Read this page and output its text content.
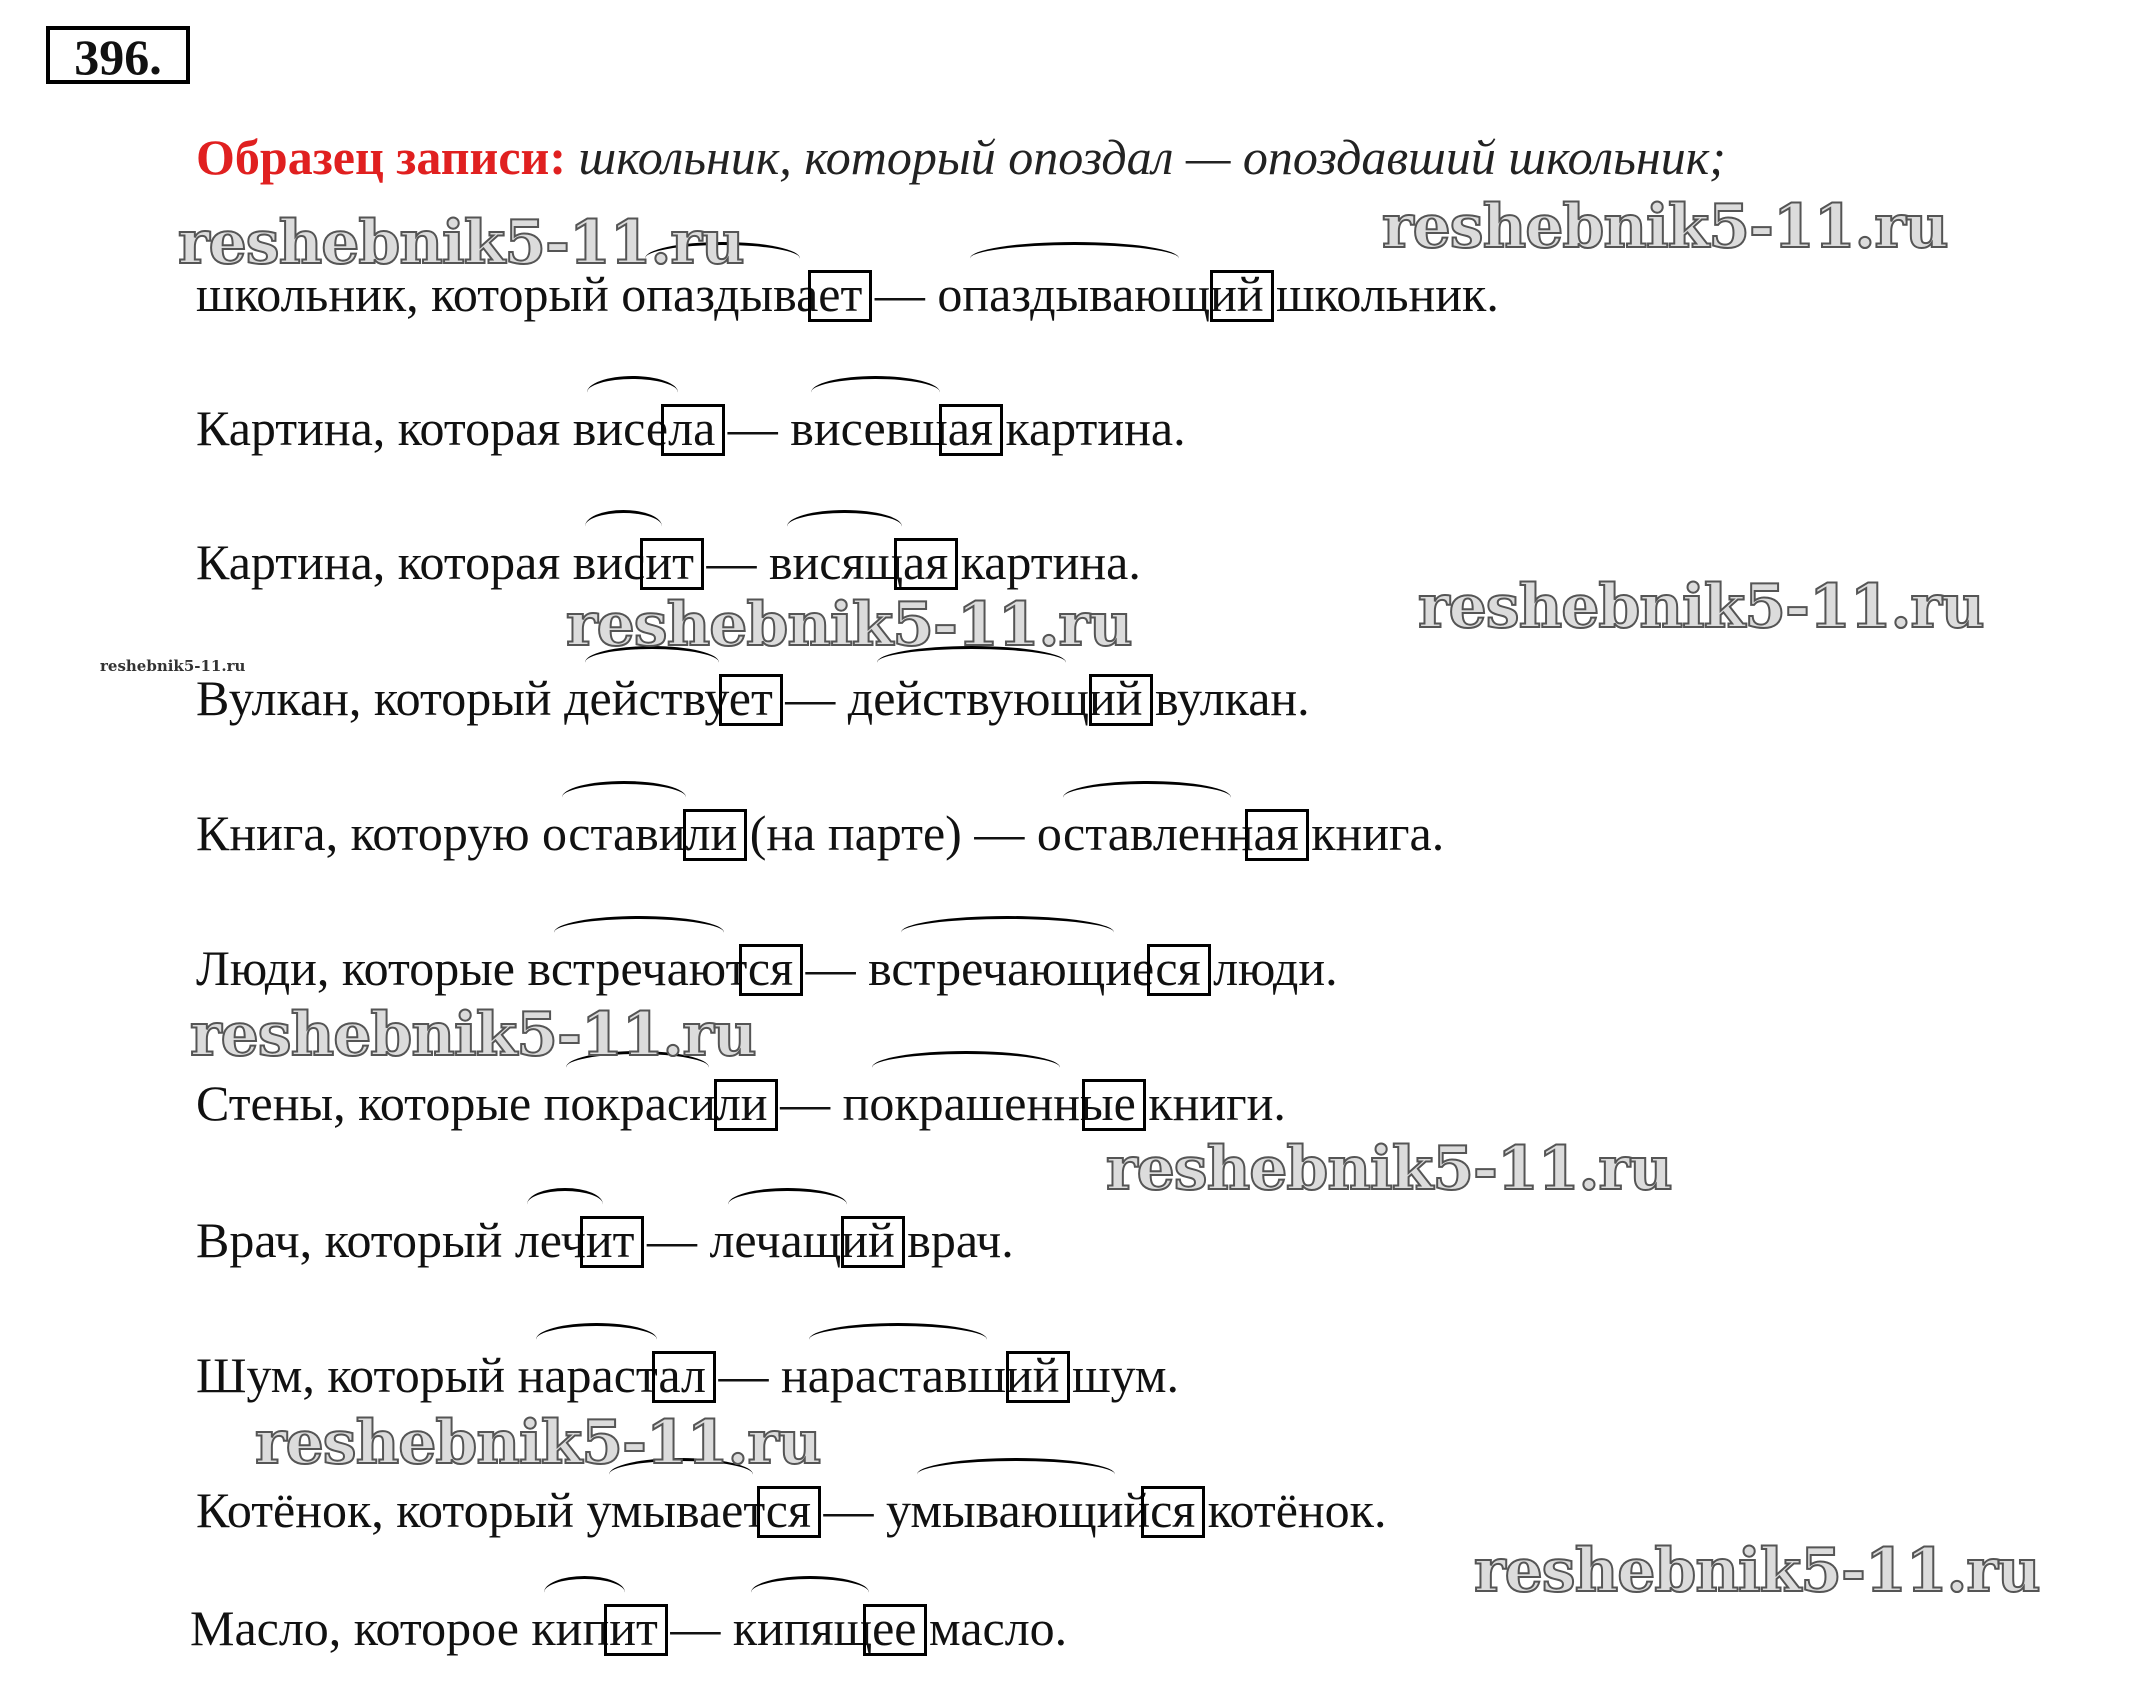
396.
Образец записи: школьник, который опоздал — опоздавший школьник;
школьник, который опаздывает — опаздывающий школьник.
Картина, которая висела — висевшая картина.
Картина, которая висит — висящая картина.
Вулкан, который действует — действующий вулкан.
Книга, которую оставили (на парте) — оставленная книга.
Люди, которые встречаются — встречающиеся люди.
Стены, которые покрасили — покрашенные книги.
Врач, который лечит — лечащий врач.
Шум, который нарастал — нараставший шум.
Котёнок, который умывается — умывающийся котёнок.
Масло, которое кипит — кипящее масло.
reshebnik5-11.ru
reshebnik5-11.ru	reshebnik5-11.ru
reshebnik5-11.ru	reshebnik5-11.ru
reshebnik5-11.ru
reshebnik5-11.ru
reshebnik5-11.ru
reshebnik5-11.ru
